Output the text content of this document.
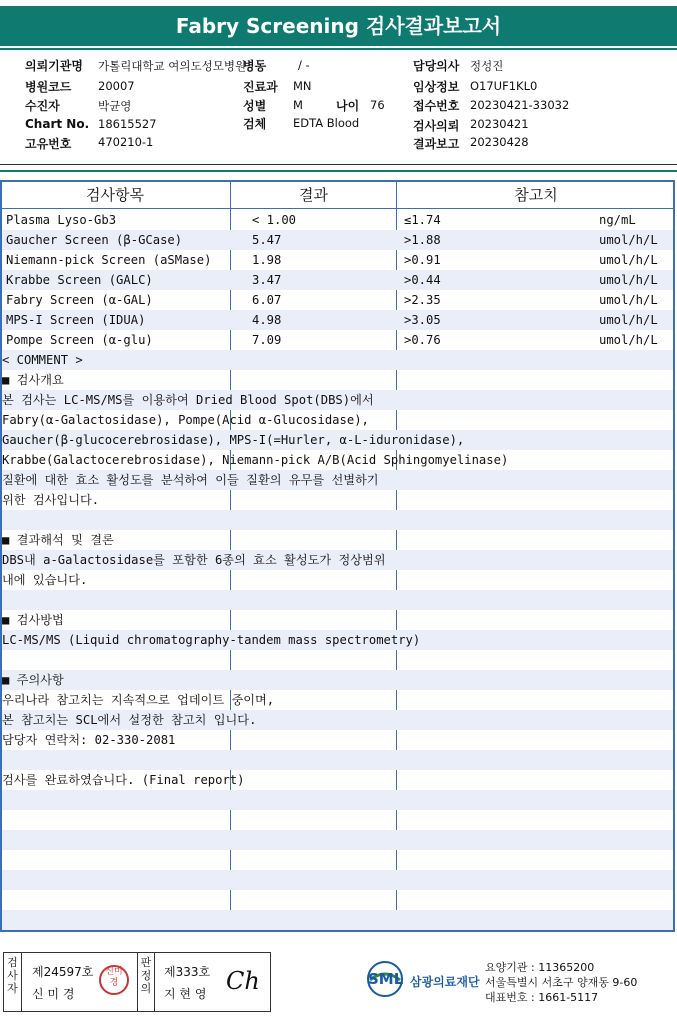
Fabry Screening 검사결과보고서
의뢰기관명 가톨릭대학교 여의도성모병원
병동	/ -	담당의사 정성진
병원코드 20007	진료과 MN	임상정보 O17UF1KL0
수진자	박균영	성별 M	나이 76 접수번호 20230421-33032
Chart No. 18615527	검체 EDTA Blood	검사의뢰 20230421
고유번호 470210-1	결과보고 20230428
검사항목	결과	참고치
Plasma Lyso-Gb3	< 1.00	≤1.74	ng/mL
Gaucher Screen (β-GCase)	5.47	>1.88	umol/h/L
Niemann-pick Screen (aSMase)	1.98	>0.91	umol/h/L
Krabbe Screen (GALC)	3.47	>0.44	umol/h/L
Fabry Screen (α-GAL)	6.07	>2.35	umol/h/L
MPS-I Screen (IDUA)	4.98	>3.05	umol/h/L
Pompe Screen (α-glu)	7.09	>0.76	umol/h/L
< COMMENT >
■ 검사개요
본 검사는 LC-MS/MS를 이용하여 Dried Blood Spot(DBS)에서
Fabry(α-Galactosidase), Pompe(Acid α-Glucosidase),
Gaucher(β-glucocerebrosidase), MPS-I(=Hurler, α-L-iduronidase),
Krabbe(Galactocerebrosidase), Niemann-pick A/B(Acid Sphingomyelinase)
질환에 대한 효소 활성도를 분석하여 이들 질환의 유무를 선별하기
위한 검사입니다.
■ 결과해석 및 결론
DBS내 a-Galactosidase를 포함한 6종의 효소 활성도가 정상범위
내에 있습니다.
■ 검사방법
LC-MS/MS (Liquid chromatography-tandem mass spectrometry)
■ 주의사항
우리나라 참고치는 지속적으로 업데이트 중이며,
본 참고치는 SCL에서 설정한 참고치 입니다.
담당자 연락처: 02-330-2081
검사를 완료하였습니다. (Final report)
검사자
제24597호
신 미 경
신미경
판정의
제333호
지 현 영 Ch	SML 삼광의료재단
요양기관 : 11365200
서울특별시 서초구 양재동 9-60
대표번호 : 1661-5117
